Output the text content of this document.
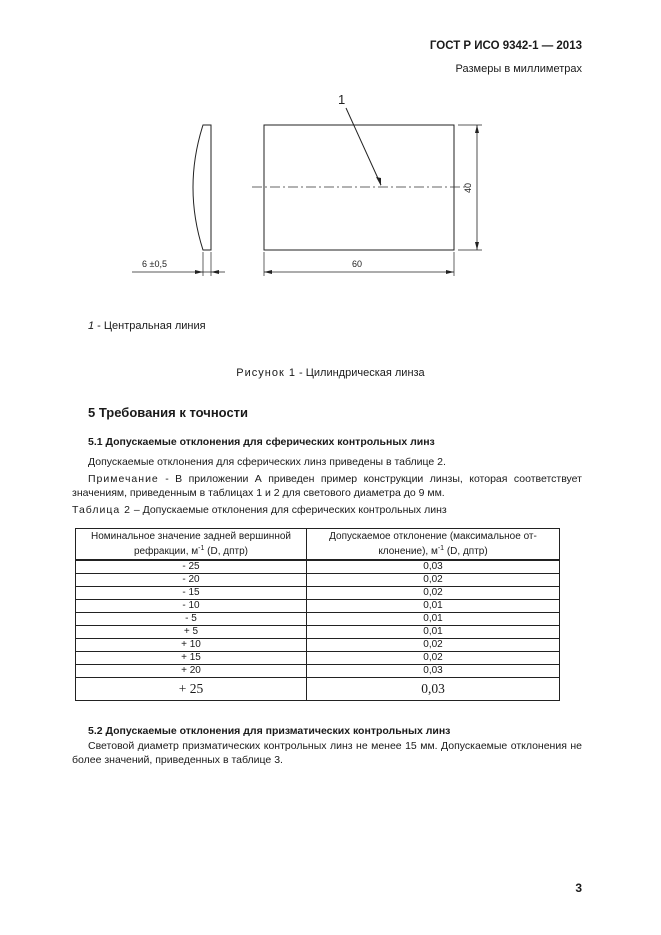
ГОСТ Р ИСО 9342-1 — 2013
Размеры в миллиметрах
1
40
60
6 ±0,5
1 - Центральная линия
Рисунок 1 - Цилиндрическая линза
5 Требования к точности
5.1 Допускаемые отклонения для сферических контрольных линз
Допускаемые отклонения для сферических линз приведены в таблице 2.
Примечание - В приложении А приведен пример конструкции линзы, которая соответствует значениям, приведенным в таблицах 1 и 2 для светового диаметра до 9 мм.
Таблица 2 – Допускаемые отклонения для сферических контрольных линз
Номинальное значение задней вершинной
рефракции, $м^{-1}$ (D, дптр)	Допускаемое отклонение (максимальное от-
клонение), $м^{-1}$ (D, дптр)
- 25	0,03
- 20	0,02
- 15	0,02
- 10	0,01
- 5	0,01
+ 5	0,01
+ 10	0,02
+ 15	0,02
+ 20	0,03
+ 25	0,03
5.2 Допускаемые отклонения для призматических контрольных линз
Световой диаметр призматических контрольных линз не менее 15 мм. Допускаемые отклонения не более значений, приведенных в таблице 3.
3
